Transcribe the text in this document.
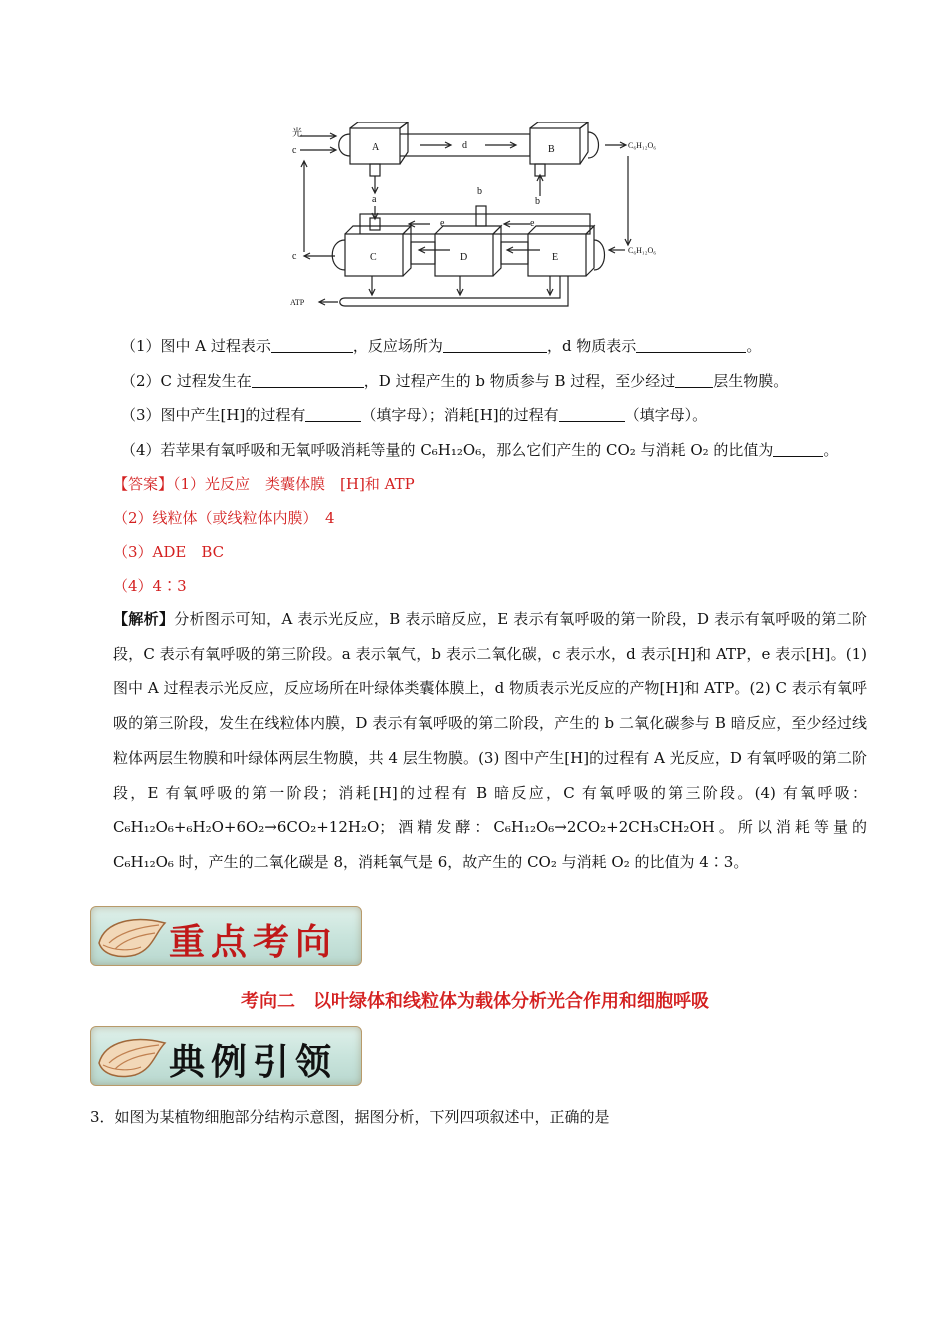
光
c	A	B
d
a
b
b
e	e
C	D	E
c
ATP
C₆H₁₂O₆
C₆H₁₂O₆
（1）图中 A 过程表示	，反应场所为	，d 物质表示	。
（2）C 过程发生在	，D 过程产生的 b 物质参与 B 过程，至少经过	层生物膜。
（3）图中产生[H]的过程有	（填字母）；消耗[H]的过程有	（填字母）。
（4）若苹果有氧呼吸和无氧呼吸消耗等量的 C₆H₁₂O₆，那么它们产生的 CO₂ 与消耗 O₂ 的比值为	。
【答案】（1）光反应　类囊体膜　[H]和 ATP
（2）线粒体（或线粒体内膜）　4
（3）ADE　BC
（4）4∶3
【解析】分析图示可知，A 表示光反应，B 表示暗反应，E 表示有氧呼吸的第一阶段，D 表示有氧呼吸的第二阶段，C 表示有氧呼吸的第三阶段。a 表示氧气，b 表示二氧化碳，c 表示水，d 表示[H]和 ATP，e 表示[H]。(1) 图中 A 过程表示光反应，反应场所在叶绿体类囊体膜上，d 物质表示光反应的产物[H]和 ATP。(2) C 表示有氧呼吸的第三阶段，发生在线粒体内膜，D 表示有氧呼吸的第二阶段，产生的 b 二氧化碳参与 B 暗反应，至少经过线粒体两层生物膜和叶绿体两层生物膜，共 4 层生物膜。(3) 图中产生[H]的过程有 A 光反应，D 有氧呼吸的第二阶段，E 有氧呼吸的第一阶段；消耗[H]的过程有 B 暗反应，C 有氧呼吸的第三阶段。(4) 有氧呼吸：C₆H₁₂O₆+₆H₂O+6O₂→6CO₂+12H₂O；酒精发酵：C₆H₁₂O₆→2CO₂+2CH₃CH₂OH。所以消耗等量的 C₆H₁₂O₆ 时，产生的二氧化碳是 8，消耗氧气是 6，故产生的 CO₂ 与消耗 O₂ 的比值为 4∶3。
重点考向
考向二　以叶绿体和线粒体为载体分析光合作用和细胞呼吸
典例引领
3．如图为某植物细胞部分结构示意图，据图分析，下列四项叙述中，正确的是
